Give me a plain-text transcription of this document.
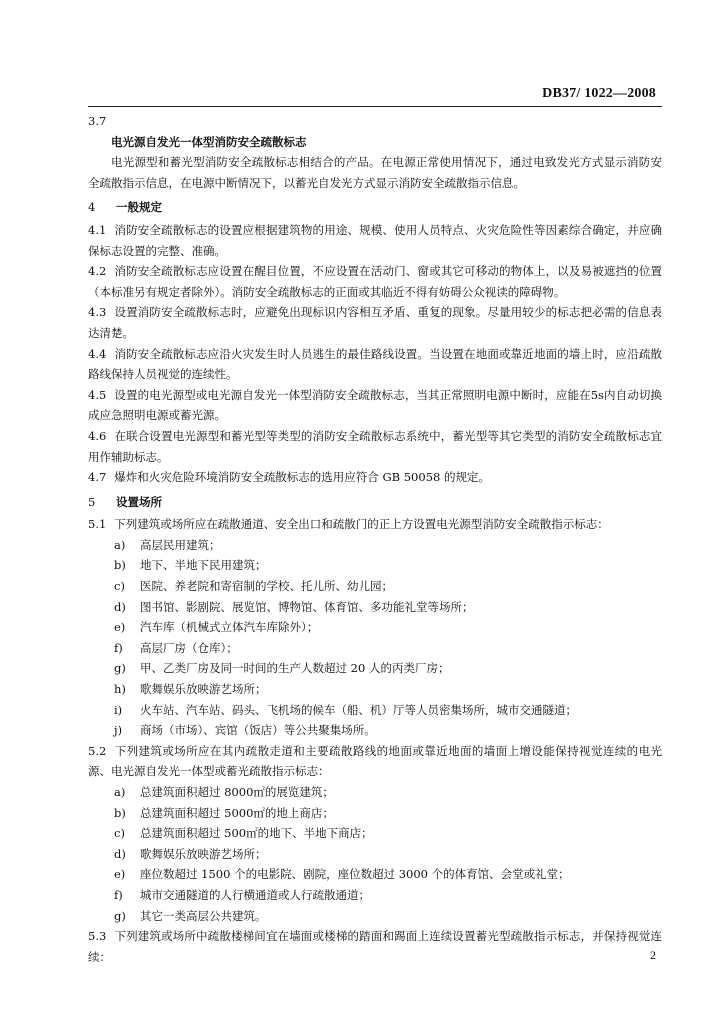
DB37/ 1022—2008

3.7

电光源自发光一体型消防安全疏散标志

电光源型和蓄光型消防安全疏散标志相结合的产品。在电源正常使用情况下，通过电致发光方式显示消防安全疏散指示信息，在电源中断情况下，以蓄光自发光方式显示消防安全疏散指示信息。

4 一般规定

4.1 消防安全疏散标志的设置应根据建筑物的用途、规模、使用人员特点、火灾危险性等因素综合确定，并应确保标志设置的完整、准确。

4.2 消防安全疏散标志应设置在醒目位置，不应设置在活动门、窗或其它可移动的物体上，以及易被遮挡的位置（本标准另有规定者除外）。消防安全疏散标志的正面或其临近不得有妨碍公众视读的障碍物。

4.3 设置消防安全疏散标志时，应避免出现标识内容相互矛盾、重复的现象。尽量用较少的标志把必需的信息表达清楚。

4.4 消防安全疏散标志应沿火灾发生时人员逃生的最佳路线设置。当设置在地面或靠近地面的墙上时，应沿疏散路线保持人员视觉的连续性。

4.5 设置的电光源型或电光源自发光一体型消防安全疏散标志，当其正常照明电源中断时，应能在5s内自动切换成应急照明电源或蓄光源。

4.6 在联合设置电光源型和蓄光型等类型的消防安全疏散标志系统中，蓄光型等其它类型的消防安全疏散标志宜用作辅助标志。

4.7 爆炸和火灾危险环境消防安全疏散标志的选用应符合 GB 50058 的规定。

5 设置场所

5.1 下列建筑或场所应在疏散通道、安全出口和疏散门的正上方设置电光源型消防安全疏散指示标志：

a)	高层民用建筑；
b)	地下、半地下民用建筑；
c)	医院、养老院和寄宿制的学校、托儿所、幼儿园；
d)	图书馆、影剧院、展览馆、博物馆、体育馆、多功能礼堂等场所；
e)	汽车库（机械式立体汽车库除外）；
f)	高层厂房（仓库）；
g)	甲、乙类厂房及同一时间的生产人数超过 20 人的丙类厂房；
h)	歌舞娱乐放映游艺场所；
i)	火车站、汽车站、码头、飞机场的候车（船、机）厅等人员密集场所，城市交通隧道；
j)	商场（市场）、宾馆（饭店）等公共聚集场所。

5.2 下列建筑或场所应在其内疏散走道和主要疏散路线的地面或靠近地面的墙面上增设能保持视觉连续的电光源、电光源自发光一体型或蓄光疏散指示标志：

a)	总建筑面积超过 8000㎡的展览建筑；
b)	总建筑面积超过 5000㎡的地上商店；
c)	总建筑面积超过 500㎡的地下、半地下商店；
d)	歌舞娱乐放映游艺场所；
e)	座位数超过 1500 个的电影院、剧院，座位数超过 3000 个的体育馆、会堂或礼堂；
f)	城市交通隧道的人行横通道或人行疏散通道；
g)	其它一类高层公共建筑。

5.3 下列建筑或场所中疏散楼梯间宜在墙面或楼梯的踏面和踢面上连续设置蓄光型疏散指示标志，并保持视觉连续：	2
